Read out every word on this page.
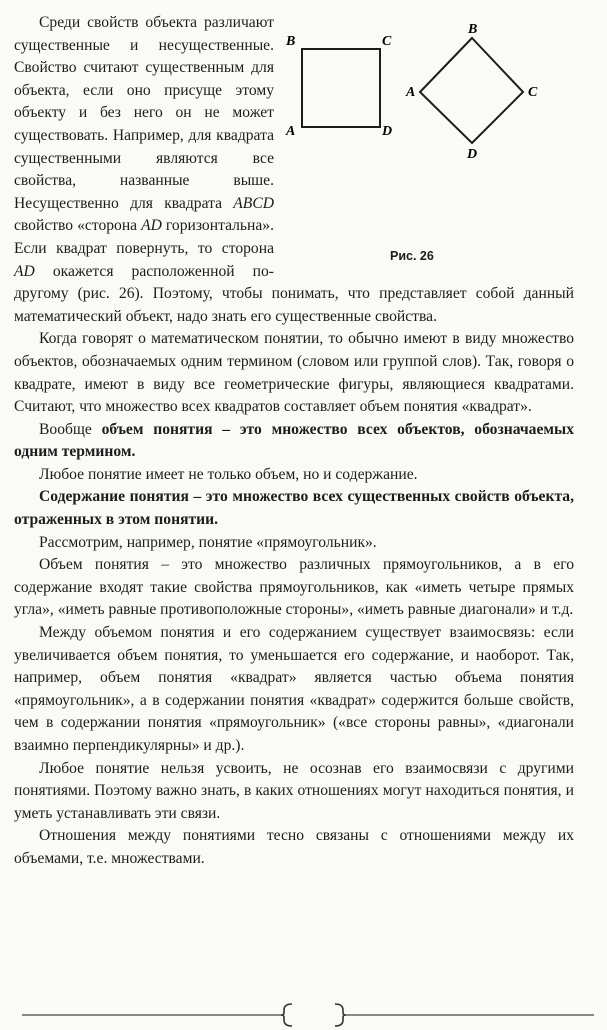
B	C
A	D
B
C
A
D
Рис. 26

Среди свойств объекта различают существенные и несущественные. Свойство считают существенным для объекта, если оно присуще этому объекту и без него он не может существовать. Например, для квадрата существенными являются все свойства, названные выше. Несущественно для квадрата ABCD свойство «сторона AD горизонтальна». Если квадрат повернуть, то сторона AD окажется расположенной по-другому (рис. 26). Поэтому, чтобы понимать, что представляет собой данный математический объект, надо знать его существенные свойства.

Когда говорят о математическом понятии, то обычно имеют в виду множество объектов, обозначаемых одним термином (словом или группой слов). Так, говоря о квадрате, имеют в виду все геометрические фигуры, являющиеся квадратами. Считают, что множество всех квадратов составляет объем понятия «квадрат».

Вообще объем понятия – это множество всех объектов, обозначаемых одним термином.

Любое понятие имеет не только объем, но и содержание.

Содержание понятия – это множество всех существенных свойств объекта, отраженных в этом понятии.

Рассмотрим, например, понятие «прямоугольник».

Объем понятия – это множество различных прямоугольников, а в его содержание входят такие свойства прямоугольников, как «иметь четыре прямых угла», «иметь равные противоположные стороны», «иметь равные диагонали» и т.д.

Между объемом понятия и его содержанием существует взаимосвязь: если увеличивается объем понятия, то уменьшается его содержание, и наоборот. Так, например, объем понятия «квадрат» является частью объема понятия «прямоугольник», а в содержании понятия «квадрат» содержится больше свойств, чем в содержании понятия «прямоугольник» («все стороны равны», «диагонали взаимно перпендикулярны» и др.).

Любое понятие нельзя усвоить, не осознав его взаимосвязи с другими понятиями. Поэтому важно знать, в каких отношениях могут находиться понятия, и уметь устанавливать эти связи.

Отношения между понятиями тесно связаны с отношениями между их объемами, т.е. множествами.
